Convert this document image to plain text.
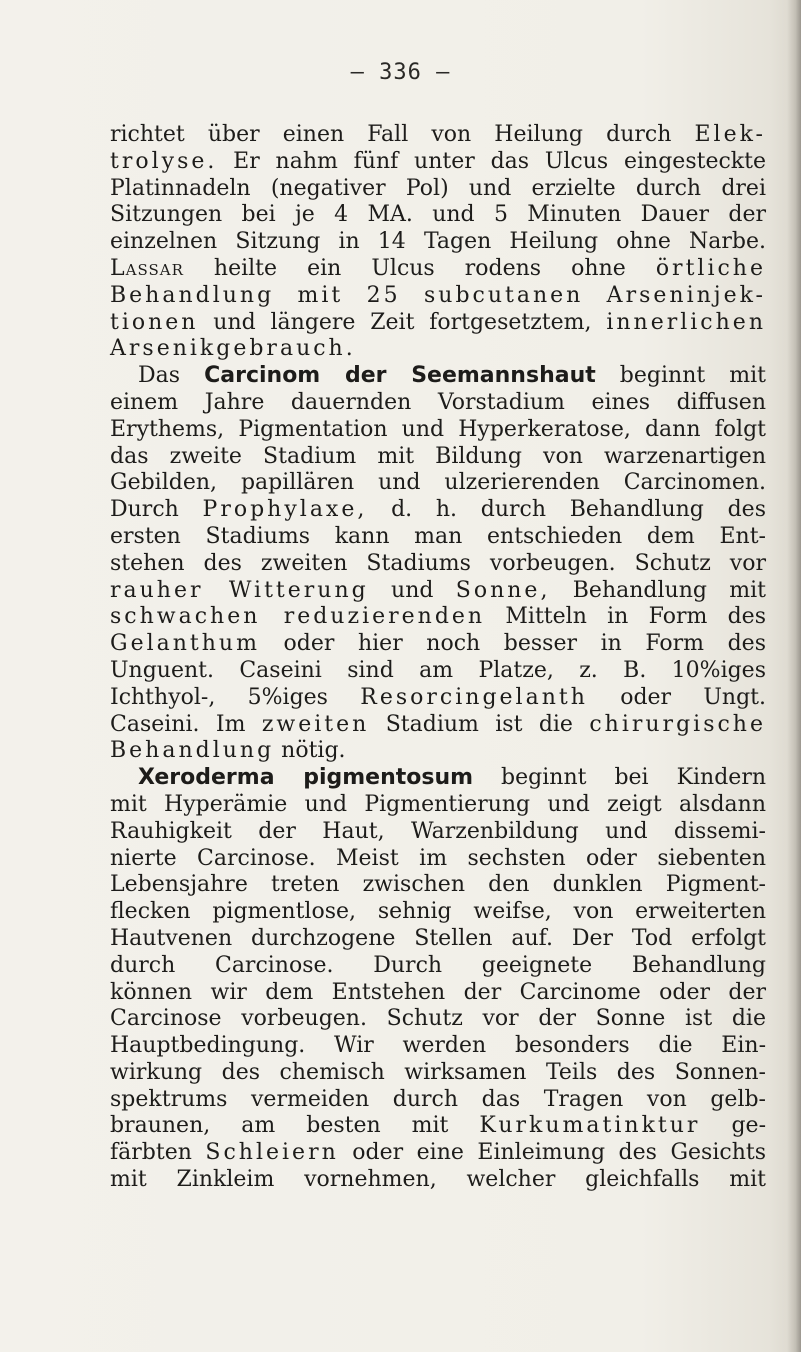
— 336 —
richtet über einen Fall von Heilung durch Elek-
trolyse. Er nahm fünf unter das Ulcus eingesteckte
Platinnadeln (negativer Pol) und erzielte durch drei
Sitzungen bei je 4 MA. und 5 Minuten Dauer der
einzelnen Sitzung in 14 Tagen Heilung ohne Narbe.
Lassar heilte ein Ulcus rodens ohne örtliche
Behandlung mit 25 subcutanen Arseninjek-
tionen und längere Zeit fortgesetztem, innerlichen
Arsenikgebrauch.
Das Carcinom der Seemannshaut beginnt mit
einem Jahre dauernden Vorstadium eines diffusen
Erythems, Pigmentation und Hyperkeratose, dann folgt
das zweite Stadium mit Bildung von warzenartigen
Gebilden, papillären und ulzerierenden Carcinomen.
Durch Prophylaxe, d. h. durch Behandlung des
ersten Stadiums kann man entschieden dem Ent-
stehen des zweiten Stadiums vorbeugen. Schutz vor
rauher Witterung und Sonne, Behandlung mit
schwachen reduzierenden Mitteln in Form des
Gelanthum oder hier noch besser in Form des
Unguent. Caseini sind am Platze, z. B. 10%iges
Ichthyol-, 5%iges Resorcingelanth oder Ungt.
Caseini. Im zweiten Stadium ist die chirurgische
Behandlung nötig.
Xeroderma pigmentosum beginnt bei Kindern
mit Hyperämie und Pigmentierung und zeigt alsdann
Rauhigkeit der Haut, Warzenbildung und dissemi-
nierte Carcinose. Meist im sechsten oder siebenten
Lebensjahre treten zwischen den dunklen Pigment-
flecken pigmentlose, sehnig weifse, von erweiterten
Hautvenen durchzogene Stellen auf. Der Tod erfolgt
durch Carcinose. Durch geeignete Behandlung
können wir dem Entstehen der Carcinome oder der
Carcinose vorbeugen. Schutz vor der Sonne ist die
Hauptbedingung. Wir werden besonders die Ein-
wirkung des chemisch wirksamen Teils des Sonnen-
spektrums vermeiden durch das Tragen von gelb-
braunen, am besten mit Kurkumatinktur ge-
färbten Schleiern oder eine Einleimung des Gesichts
mit Zinkleim vornehmen, welcher gleichfalls mit
